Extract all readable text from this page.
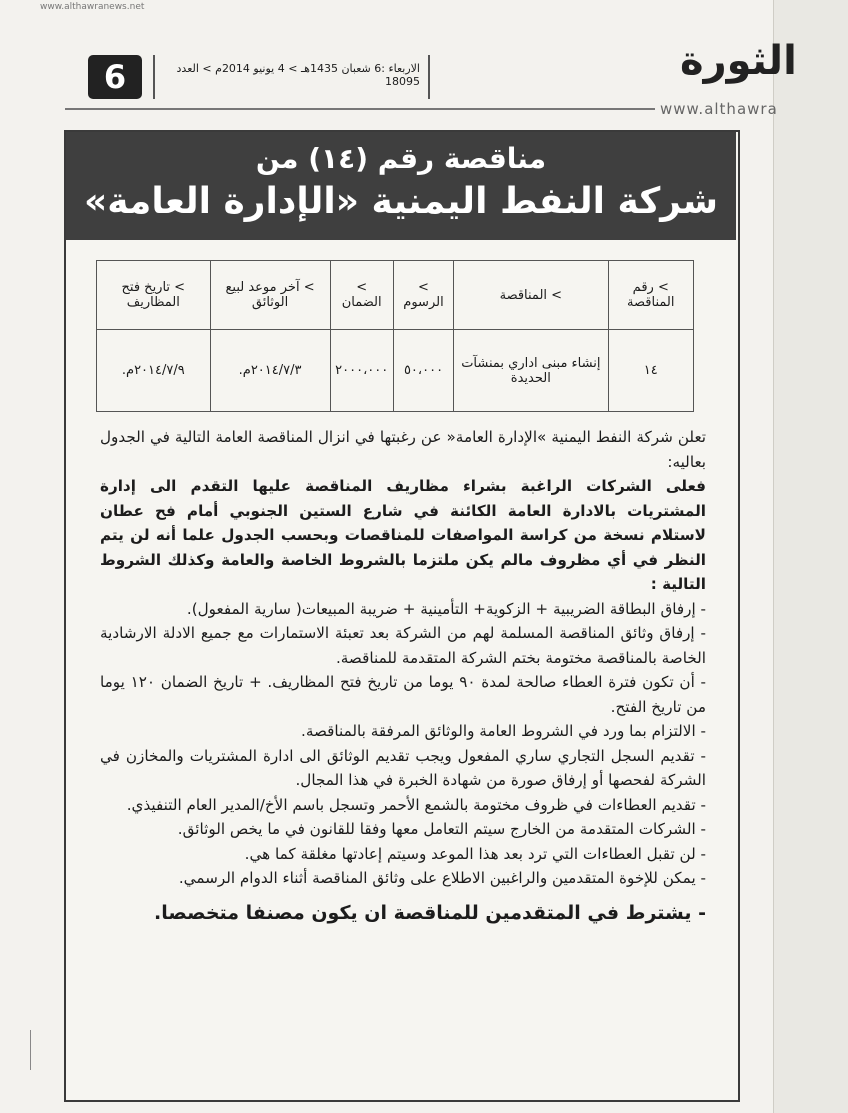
www.althawranews.net
6	الاربعاء :6 شعبان 1435هـ > 4 يونيو 2014م > العدد 18095	الثورة
www.althawra
مناقصة رقم (١٤) من
شركة النفط اليمنية «الإدارة العامة»
> رقم المناقصة	> المناقصة	> الرسوم	> الضمان	> آخر موعد لبيع الوثائق	> تاريخ فتح المظاريف
١٤	إنشاء مبنى اداري بمنشآت الحديدة	٥٠،٠٠٠	٢٠٠٠،٠٠٠	٢٠١٤/٧/٣م.	٢٠١٤/٧/٩م.

تعلن شركة النفط اليمنية »الإدارة العامة« عن رغبتها في انزال المناقصة العامة التالية في الجدول بعاليه:

فعلى الشركات الراغبة بشراء مظاريف المناقصة عليها التقدم الى إدارة المشتريات بالادارة العامة الكائنة في شارع الستين الجنوبي أمام فح عطان لاستلام نسخة من كراسة المواصفات للمناقصات وبحسب الجدول علما أنه لن يتم النظر في أي مظروف مالم يكن ملتزما بالشروط الخاصة والعامة وكذلك الشروط التالية :

- إرفاق البطاقة الضريبية + الزكوية+ التأمينية + ضريبة المبيعات( سارية المفعول).

- إرفاق وثائق المناقصة المسلمة لهم من الشركة بعد تعبئة الاستمارات مع جميع الادلة الارشادية الخاصة بالمناقصة مختومة بختم الشركة المتقدمة للمناقصة.

- أن تكون فترة العطاء صالحة لمدة ٩٠ يوما من تاريخ فتح المظاريف. + تاريخ الضمان ١٢٠ يوما من تاريخ الفتح.

- الالتزام بما ورد في الشروط العامة والوثائق المرفقة بالمناقصة.

- تقديم السجل التجاري ساري المفعول ويجب تقديم الوثائق الى ادارة المشتريات والمخازن في الشركة لفحصها أو إرفاق صورة من شهادة الخبرة في هذا المجال.

- تقديم العطاءات في ظروف مختومة بالشمع الأحمر وتسجل باسم الأخ/المدير العام التنفيذي.

- الشركات المتقدمة من الخارج سيتم التعامل معها وفقا للقانون في ما يخص الوثائق.

- لن تقبل العطاءات التي ترد بعد هذا الموعد وسيتم إعادتها مغلقة كما هي.

- يمكن للإخوة المتقدمين والراغبين الاطلاع على وثائق المناقصة أثناء الدوام الرسمي.

- يشترط في المتقدمين للمناقصة ان يكون مصنفا متخصصا.
